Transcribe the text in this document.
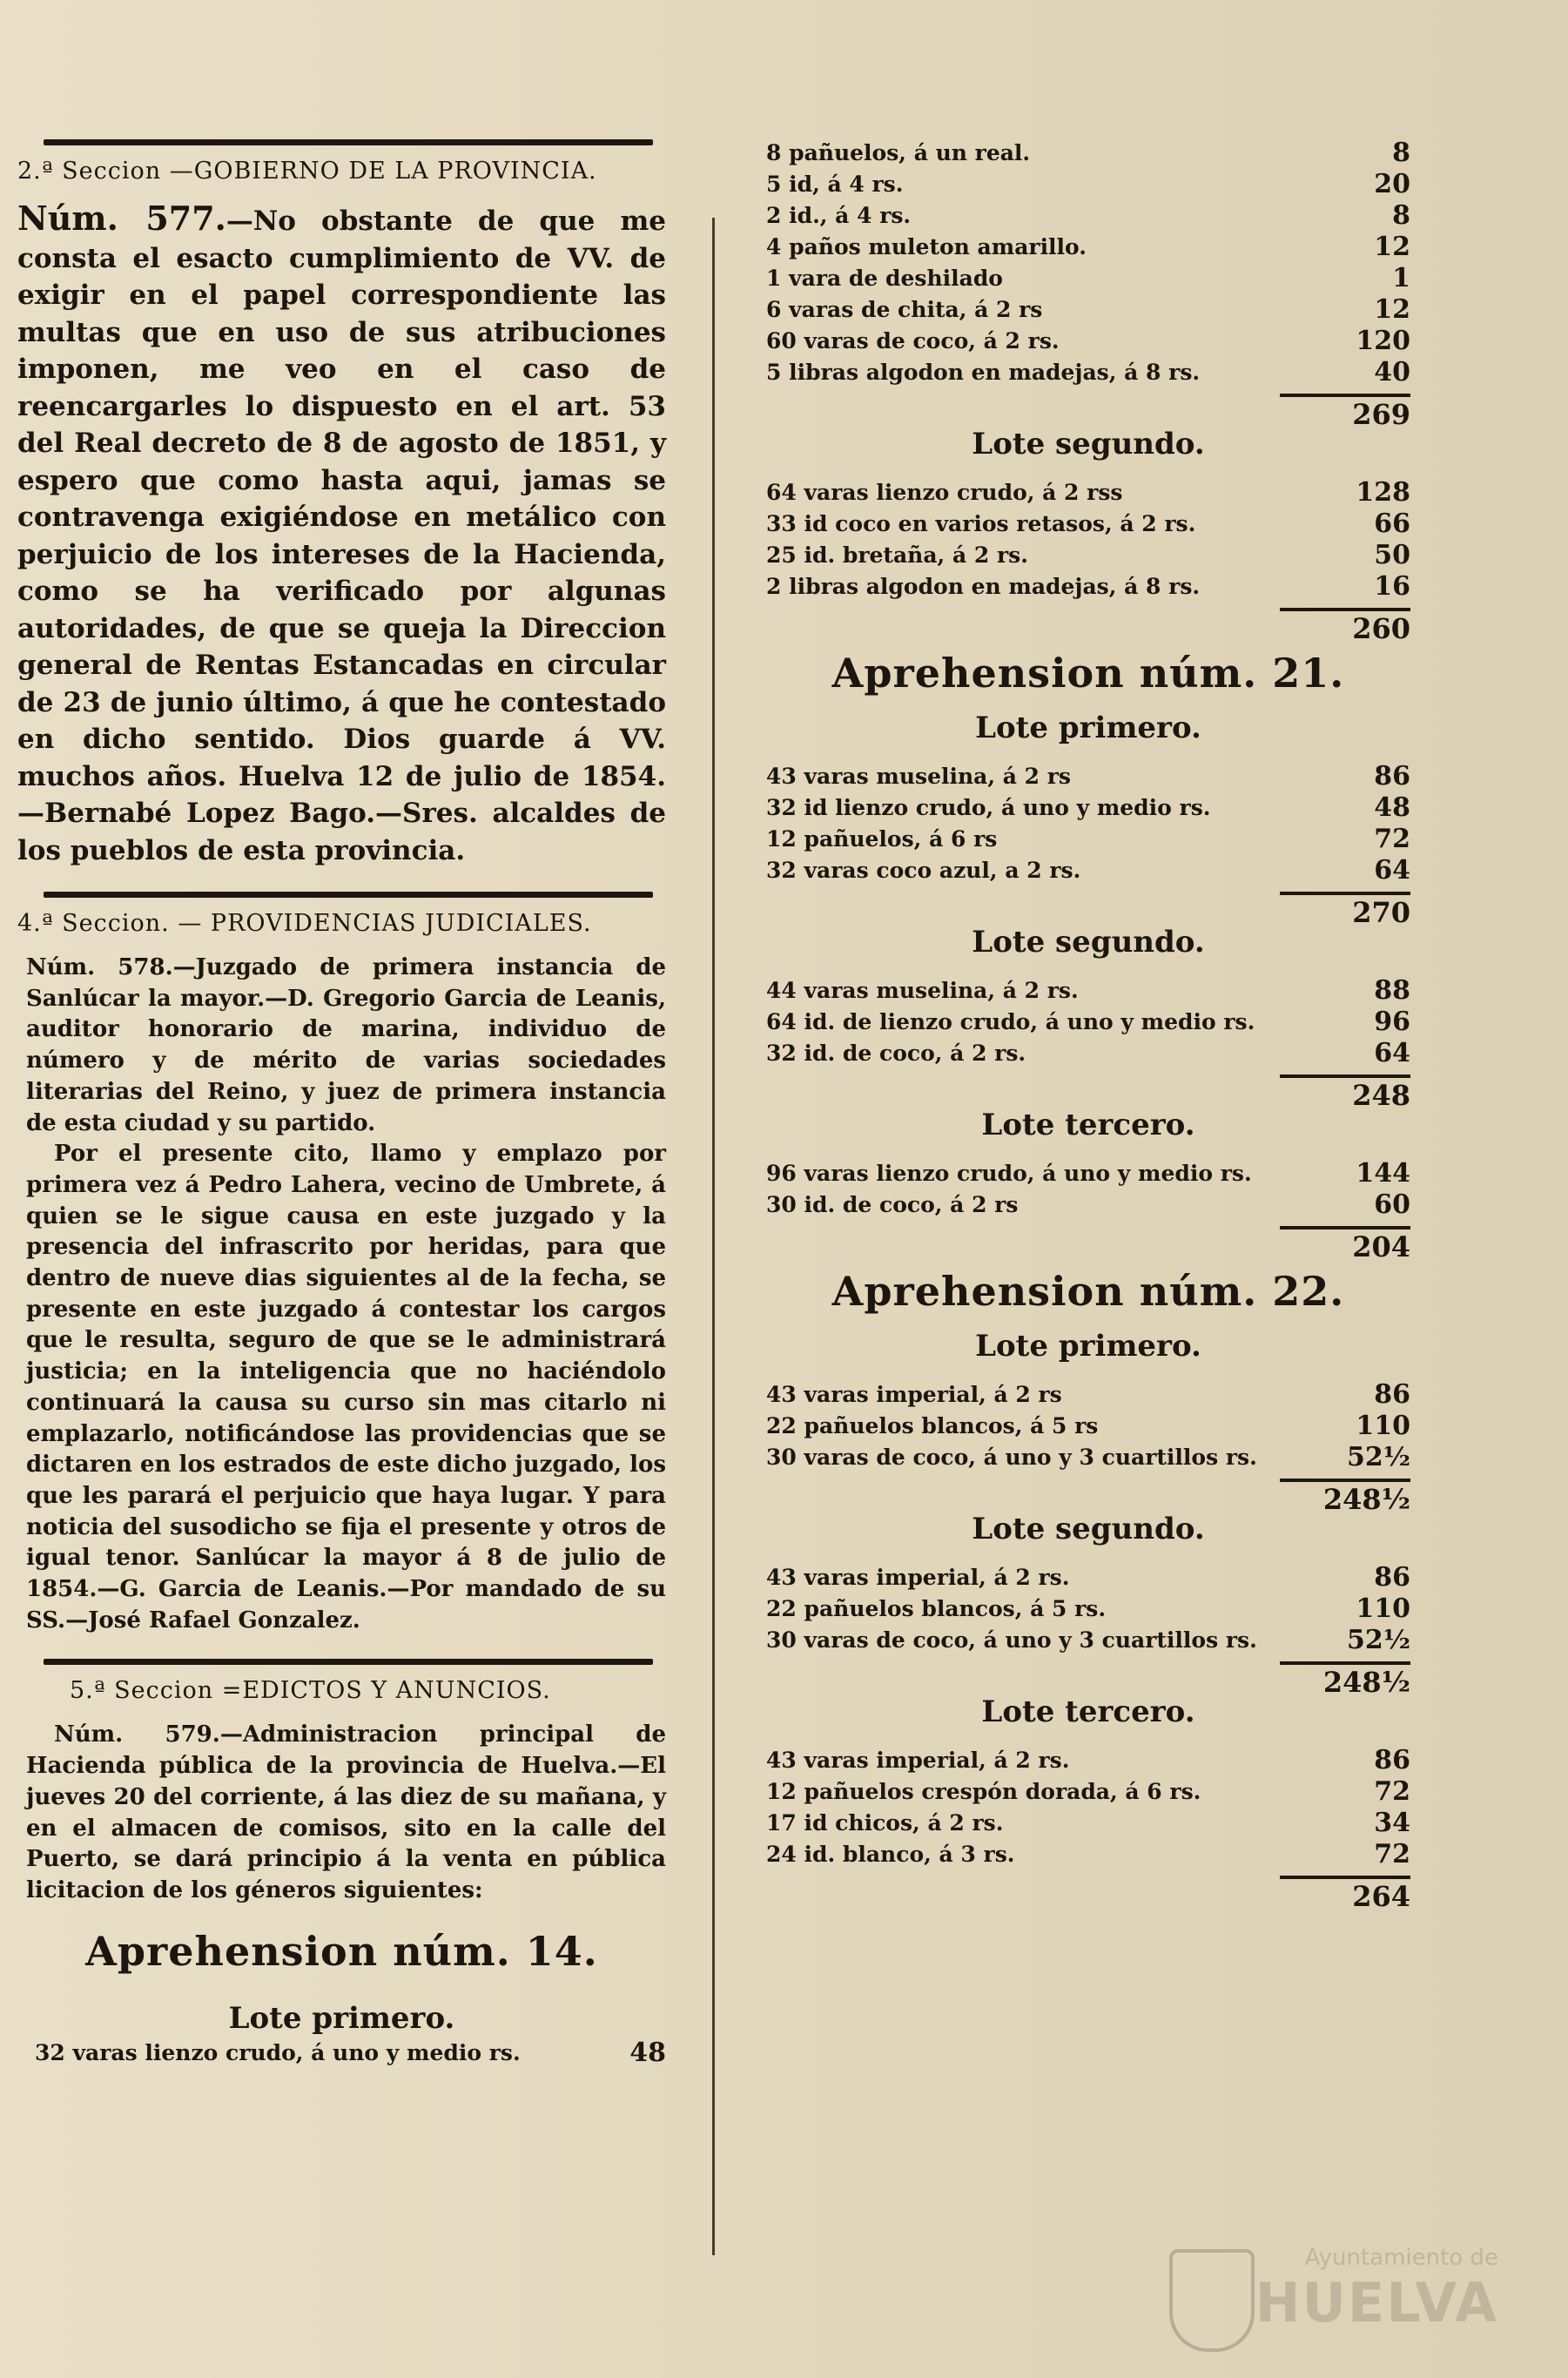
2.ª Seccion —GOBIERNO DE LA PROVINCIA.

Núm. 577.—No obstante de que me consta el esacto cumplimiento de VV. de exigir en el papel correspondiente las multas que en uso de sus atribuciones imponen, me veo en el caso de reencargarles lo dispuesto en el art. 53 del Real decreto de 8 de agosto de 1851, y espero que como hasta aqui, jamas se contravenga exigiéndose en metálico con perjuicio de los intereses de la Hacienda, como se ha verificado por algunas autoridades, de que se queja la Direccion general de Rentas Estancadas en circular de 23 de junio último, á que he contestado en dicho sentido. Dios guarde á VV. muchos años. Huelva 12 de julio de 1854.—Bernabé Lopez Bago.—Sres. alcaldes de los pueblos de esta provincia.

4.ª Seccion. — PROVIDENCIAS JUDICIALES.

Núm. 578.—Juzgado de primera instancia de Sanlúcar la mayor.—D. Gregorio Garcia de Leanis, auditor honorario de marina, individuo de número y de mérito de varias sociedades literarias del Reino, y juez de primera instancia de esta ciudad y su partido.

Por el presente cito, llamo y emplazo por primera vez á Pedro Lahera, vecino de Umbrete, á quien se le sigue causa en este juzgado y la presencia del infrascrito por heridas, para que dentro de nueve dias siguientes al de la fecha, se presente en este juzgado á contestar los cargos que le resulta, seguro de que se le administrará justicia; en la inteligencia que no haciéndolo continuará la causa su curso sin mas citarlo ni emplazarlo, notificándose las providencias que se dictaren en los estrados de este dicho juzgado, los que les parará el perjuicio que haya lugar. Y para noticia del susodicho se fija el presente y otros de igual tenor. Sanlúcar la mayor á 8 de julio de 1854.—G. Garcia de Leanis.—Por mandado de su SS.—José Rafael Gonzalez.

5.ª Seccion =EDICTOS Y ANUNCIOS.

Núm. 579.—Administracion principal de Hacienda pública de la provincia de Huelva.—El jueves 20 del corriente, á las diez de su mañana, y en el almacen de comisos, sito en la calle del Puerto, se dará principio á la venta en pública licitacion de los géneros siguientes:

Aprehension núm. 14.
Lote primero.
32 varas lienzo crudo, á uno y medio rs.	48
8 pañuelos, á un real.	8
5 id, á 4 rs.	20
2 id., á 4 rs.	8
4 paños muleton amarillo.	12
1 vara de deshilado	1
6 varas de chita, á 2 rs	12
60 varas de coco, á 2 rs.	120
5 libras algodon en madejas, á 8 rs.	40
269
Lote segundo.
64 varas lienzo crudo, á 2 rss	128
33 id coco en varios retasos, á 2 rs.	66
25 id. bretaña, á 2 rs.	50
2 libras algodon en madejas, á 8 rs.	16
260
Aprehension núm. 21.
Lote primero.
43 varas muselina, á 2 rs	86
32 id lienzo crudo, á uno y medio rs.	48
12 pañuelos, á 6 rs	72
32 varas coco azul, a 2 rs.	64
270
Lote segundo.
44 varas muselina, á 2 rs.	88
64 id. de lienzo crudo, á uno y medio rs.	96
32 id. de coco, á 2 rs.	64
248
Lote tercero.
96 varas lienzo crudo, á uno y medio rs.	144
30 id. de coco, á 2 rs	60
204
Aprehension núm. 22.
Lote primero.
43 varas imperial, á 2 rs	86
22 pañuelos blancos, á 5 rs	110
30 varas de coco, á uno y 3 cuartillos rs.	52½
248½
Lote segundo.
43 varas imperial, á 2 rs.	86
22 pañuelos blancos, á 5 rs.	110
30 varas de coco, á uno y 3 cuartillos rs.	52½
248½
Lote tercero.
43 varas imperial, á 2 rs.	86
12 pañuelos crespón dorada, á 6 rs.	72
17 id chicos, á 2 rs.	34
24 id. blanco, á 3 rs.	72
264
Ayuntamiento de
HUELVA
